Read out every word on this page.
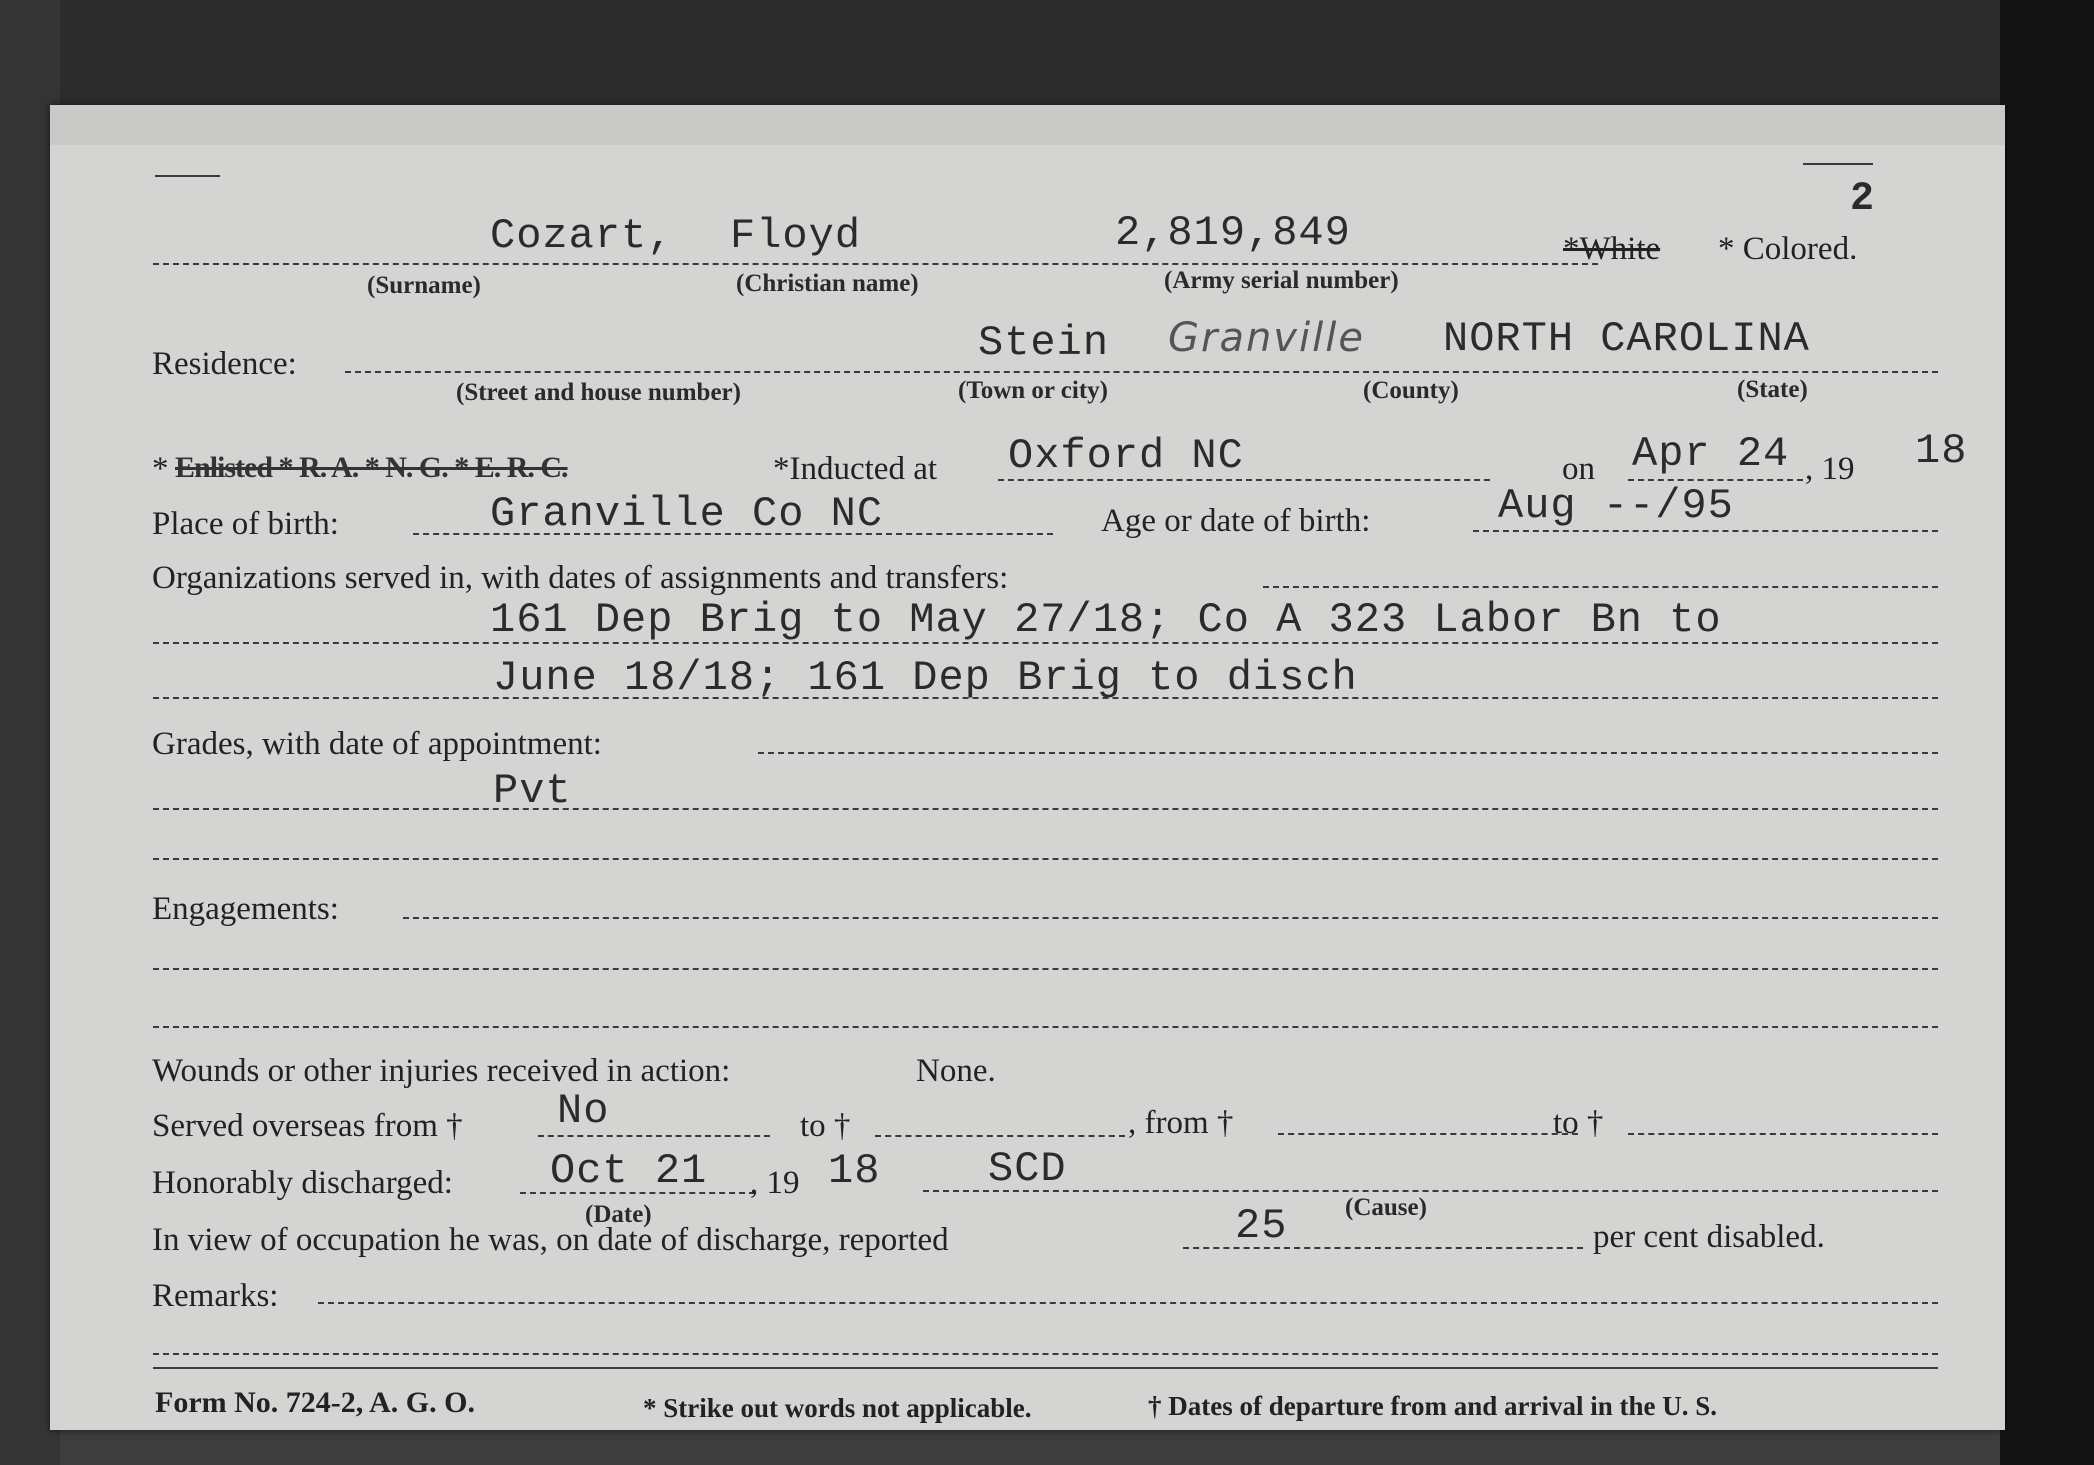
2
Cozart, Floyd	2,819,849	*White * Colored.
(Surname)	(Christian name)	(Army serial number)
Residence:	Stein Granville NORTH CAROLINA
(Street and house number)	(Town or city)	(County)	(State)
* Enlisted * R. A. * N. G. * E. R. C.	*Inducted at Oxford NC	on Apr 24 , 19 18
Place of birth:	Granville Co NC	Age or date of birth:	Aug --/95
Organizations served in, with dates of assignments and transfers:
161 Dep Brig to May 27/18; Co A 323 Labor Bn to
June 18/18; 161 Dep Brig to disch
Grades, with date of appointment:
Pvt
Engagements:
Wounds or other injuries received in action:	None.
Served overseas from † No	to †	, from †	to †
Honorably discharged: Oct 21 , 19 18	SCD
(Date)	(Cause)
In view of occupation he was, on date of discharge, reported	25	per cent disabled.
Remarks:
Form No. 724-2, A. G. O.	* Strike out words not applicable.	† Dates of departure from and arrival in the U. S.
